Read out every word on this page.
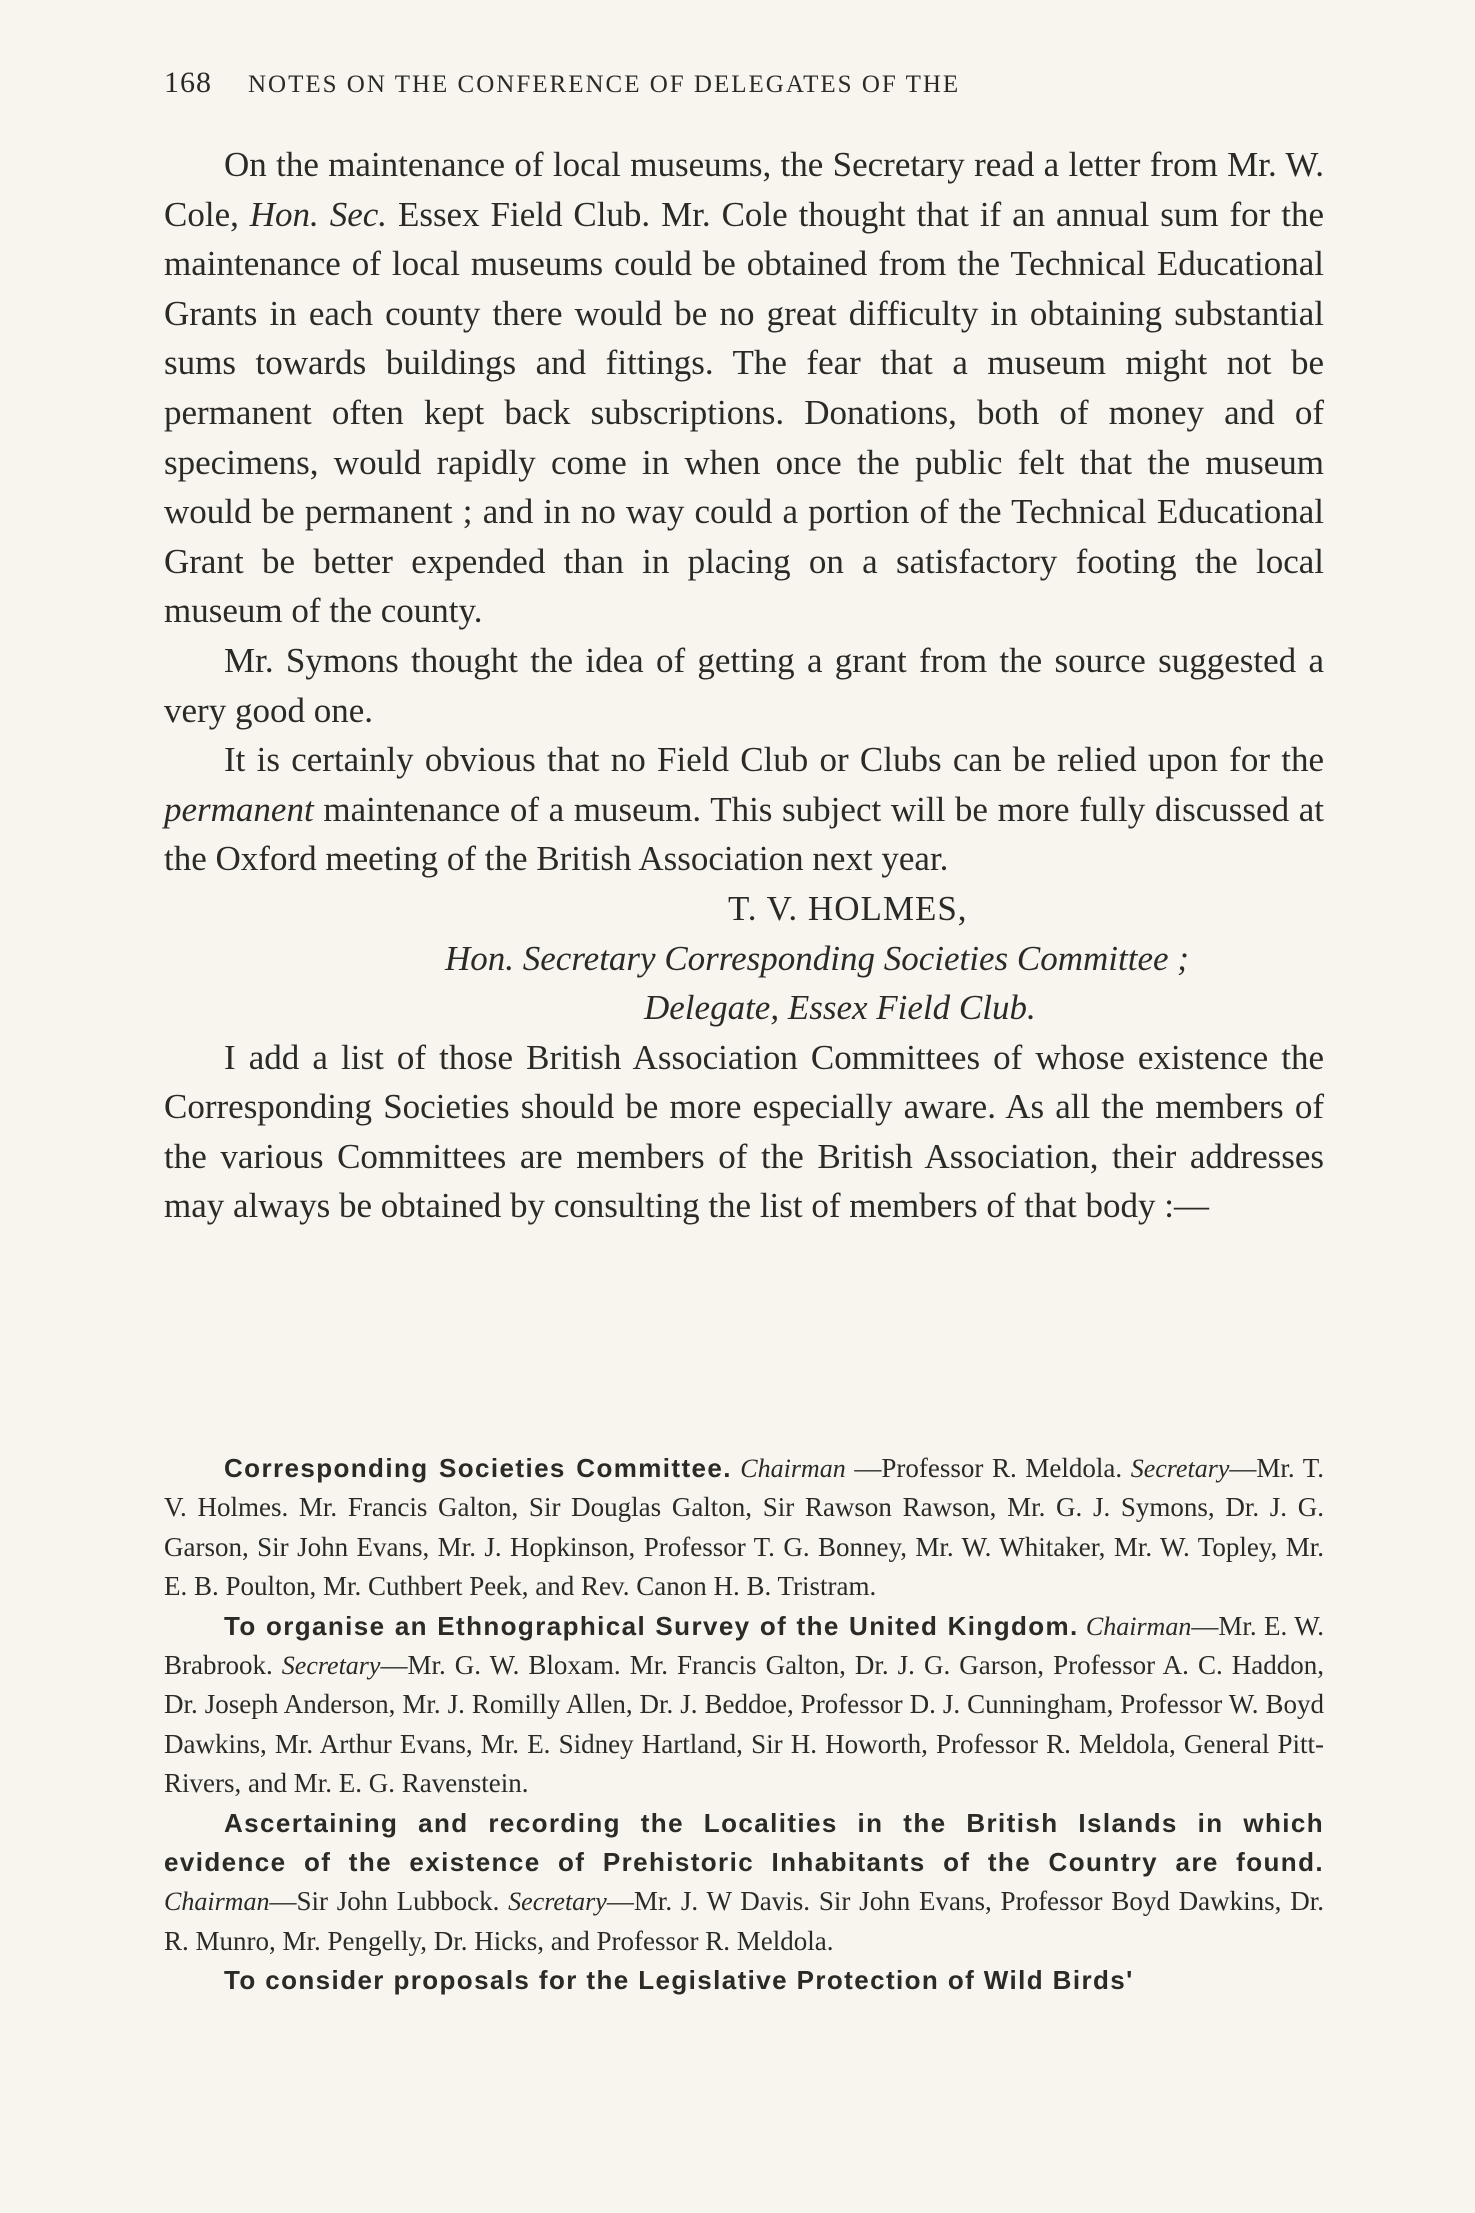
168 NOTES ON THE CONFERENCE OF DELEGATES OF THE

On the maintenance of local museums, the Secretary read a letter from Mr. W. Cole, Hon. Sec. Essex Field Club. Mr. Cole thought that if an annual sum for the maintenance of local museums could be obtained from the Technical Educational Grants in each county there would be no great difficulty in obtaining substantial sums towards buildings and fittings. The fear that a museum might not be permanent often kept back subscriptions. Donations, both of money and of specimens, would rapidly come in when once the public felt that the museum would be permanent ; and in no way could a portion of the Technical Educational Grant be better expended than in placing on a satisfactory footing the local museum of the county.

Mr. Symons thought the idea of getting a grant from the source suggested a very good one.

It is certainly obvious that no Field Club or Clubs can be relied upon for the permanent maintenance of a museum. This subject will be more fully discussed at the Oxford meeting of the British Association next year.

T. V. HOLMES,
Hon. Secretary Corresponding Societies Committee ;
Delegate, Essex Field Club.

I add a list of those British Association Committees of whose existence the Corresponding Societies should be more especially aware. As all the members of the various Committees are members of the British Association, their addresses may always be obtained by consulting the list of members of that body :—

Corresponding Societies Committee. Chairman —Professor R. Meldola. Secretary—Mr. T. V. Holmes. Mr. Francis Galton, Sir Douglas Galton, Sir Rawson Rawson, Mr. G. J. Symons, Dr. J. G. Garson, Sir John Evans, Mr. J. Hopkinson, Professor T. G. Bonney, Mr. W. Whitaker, Mr. W. Topley, Mr. E. B. Poulton, Mr. Cuthbert Peek, and Rev. Canon H. B. Tristram.

To organise an Ethnographical Survey of the United Kingdom. Chairman—Mr. E. W. Brabrook. Secretary—Mr. G. W. Bloxam. Mr. Francis Galton, Dr. J. G. Garson, Professor A. C. Haddon, Dr. Joseph Anderson, Mr. J. Romilly Allen, Dr. J. Beddoe, Professor D. J. Cunningham, Professor W. Boyd Dawkins, Mr. Arthur Evans, Mr. E. Sidney Hartland, Sir H. Howorth, Professor R. Meldola, General Pitt-Rivers, and Mr. E. G. Ravenstein.

Ascertaining and recording the Localities in the British Islands in which evidence of the existence of Prehistoric Inhabitants of the Country are found. Chairman—Sir John Lubbock. Secretary—Mr. J. W Davis. Sir John Evans, Professor Boyd Dawkins, Dr. R. Munro, Mr. Pengelly, Dr. Hicks, and Professor R. Meldola.

To consider proposals for the Legislative Protection of Wild Birds'
